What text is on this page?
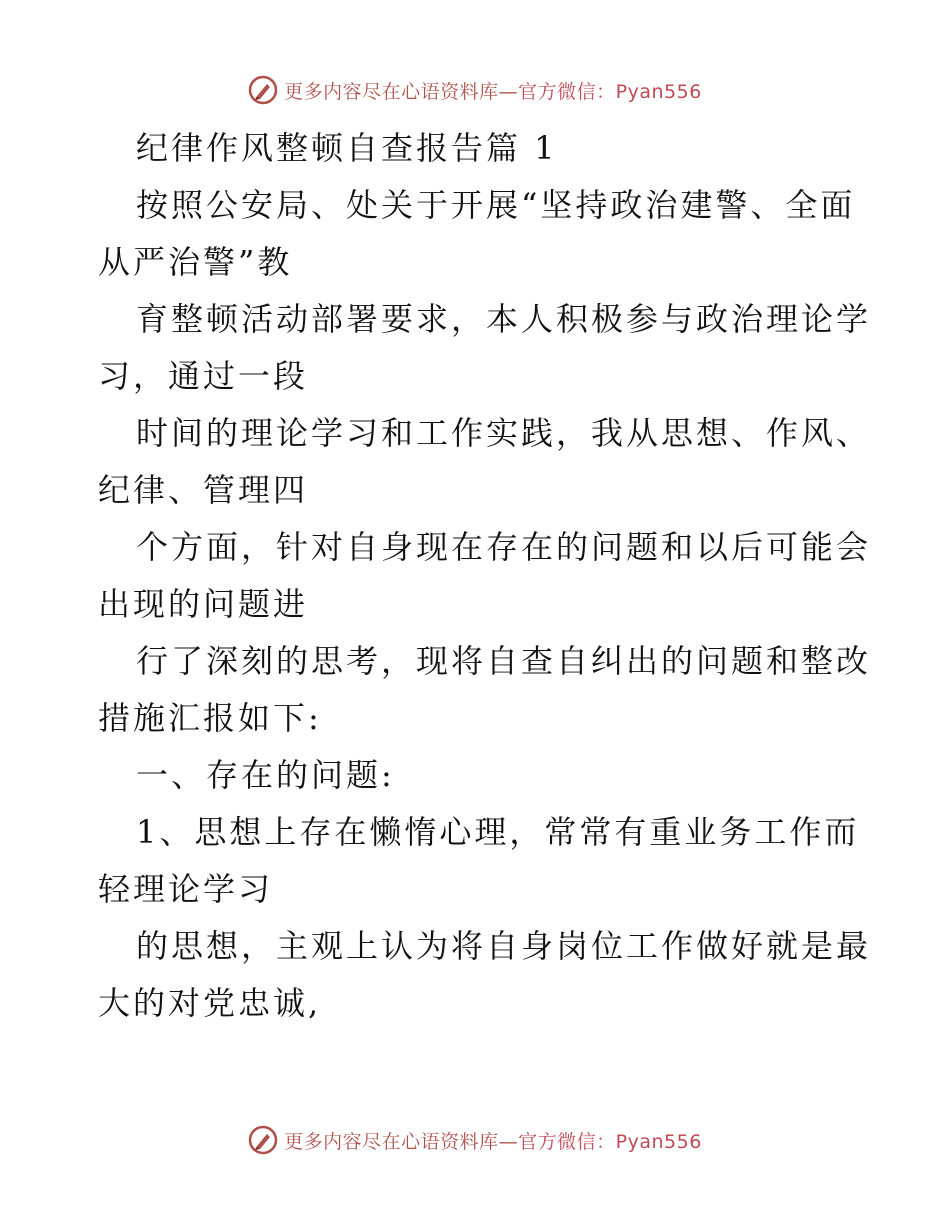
更多内容尽在心语资料库—官方微信：Pyan556

纪律作风整顿自查报告篇 1

按照公安局、处关于开展“坚持政治建警、全面

从严治警”教

育整顿活动部署要求，本人积极参与政治理论学

习，通过一段

时间的理论学习和工作实践，我从思想、作风、

纪律、管理四

个方面，针对自身现在存在的问题和以后可能会

出现的问题进

行了深刻的思考，现将自查自纠出的问题和整改

措施汇报如下:

一、存在的问题:

1、思想上存在懒惰心理，常常有重业务工作而

轻理论学习

的思想，主观上认为将自身岗位工作做好就是最

大的对党忠诚,

更多内容尽在心语资料库—官方微信：Pyan556
